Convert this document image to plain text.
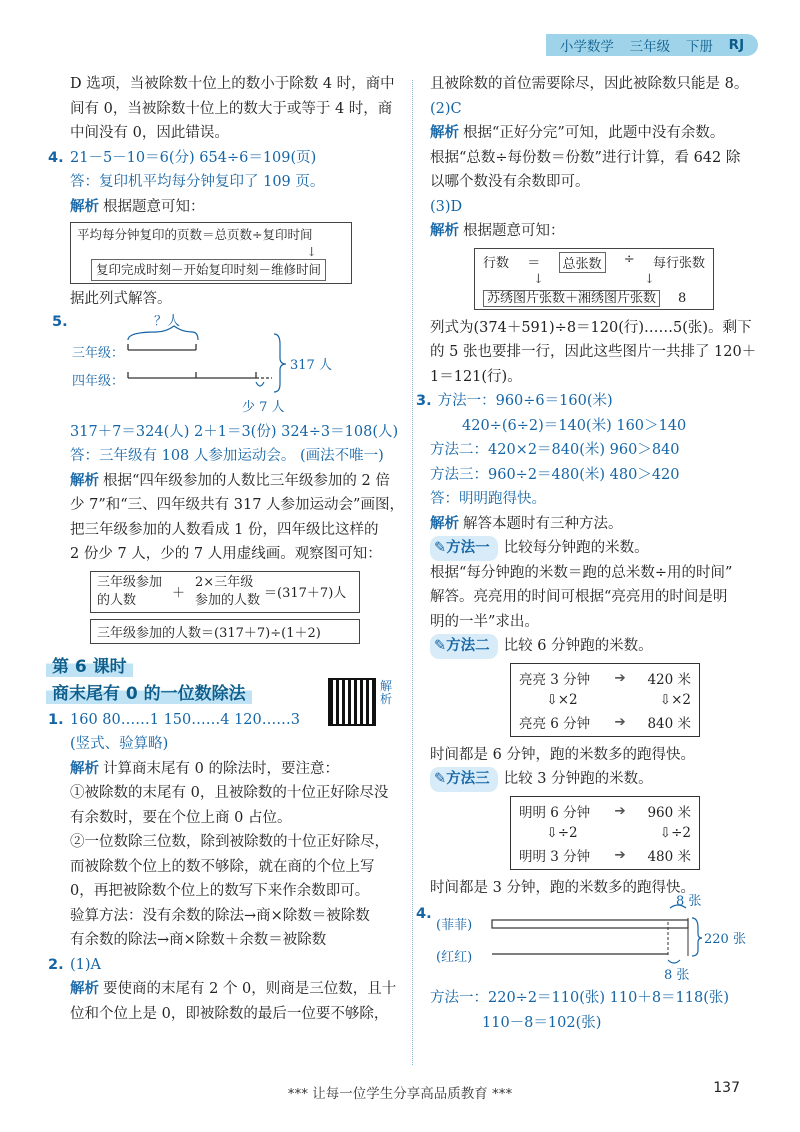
小学数学 三年级 下册 RJ

D 选项，当被除数十位上的数小于除数 4 时，商中

间有 0，当被除数十位上的数大于或等于 4 时，商

中间没有 0，因此错误。

4. 21－5－10＝6(分) 654÷6＝109(页)

答：复印机平均每分钟复印了 109 页。

解析 根据题意可知：

平均每分钟复印的页数＝总页数÷复印时间
↓
复印完成时刻－开始复印时刻－维修时间

据此列式解答。

5.	？人
三年级：
四年级：
317 人
少 7 人

317＋7＝324(人) 2＋1＝3(份) 324÷3＝108(人)

答：三年级有 108 人参加运动会。 (画法不唯一)

解析 根据“四年级参加的人数比三年级参加的 2 倍

少 7”和“三、四年级共有 317 人参加运动会”画图，

把三年级参加的人数看成 1 份，四年级比这样的

2 份少 7 人，少的 7 人用虚线画。观察图可知：

三年级参加
的人数	＋
2×三年级
参加的人数 ＝(317＋7)人
三年级参加的人数＝(317＋7)÷(1＋2)
第 6 课时
商末尾有 0 的一位数除法

1. 160 80……1 150……4 120……3

(竖式、验算略)

解析 计算商末尾有 0 的除法时，要注意：

①被除数的末尾有 0，且被除数的十位正好除尽没

有余数时，要在个位上商 0 占位。

②一位数除三位数，除到被除数的十位正好除尽，

而被除数个位上的数不够除，就在商的个位上写

0，再把被除数个位上的数写下来作余数即可。

验算方法：没有余数的除法→商×除数＝被除数

有余数的除法→商×除数＋余数＝被除数

2. (1)A

解析 要使商的末尾有 2 个 0，则商是三位数，且十

位和个位上是 0，即被除数的最后一位要不够除，

解析

且被除数的首位需要除尽，因此被除数只能是 8。

(2)C

解析 根据“正好分完”可知，此题中没有余数。

根据“总数÷每份数＝份数”进行计算，看 642 除

以哪个数没有余数即可。

(3)D

解析 根据题意可知：

行数 ＝	总张数	÷ 每行张数
↓	↓
苏绣图片张数＋湘绣图片张数 8

列式为(374＋591)÷8＝120(行)……5(张)。剩下

的 5 张也要排一行，因此这些图片一共排了 120＋

1＝121(行)。

3. 方法一：960÷6＝160(米)

420÷(6÷2)＝140(米) 160＞140

方法二：420×2＝840(米) 960＞840

方法三：960÷2＝480(米) 480＞420

答：明明跑得快。

解析 解答本题时有三种方法。

✎方法一 比较每分钟跑的米数。

根据“每分钟跑的米数＝跑的总米数÷用的时间”

解答。亮亮用的时间可根据“亮亮用的时间是明

明的一半”求出。

✎方法二 比较 6 分钟跑的米数。

亮亮 3 分钟	➔	420 米
⇩×2	⇩×2
亮亮 6 分钟	➔	840 米

时间都是 6 分钟，跑的米数多的跑得快。

✎方法三 比较 3 分钟跑的米数。

明明 6 分钟	➔	960 米
⇩÷2	⇩÷2
明明 3 分钟	➔	480 米

时间都是 3 分钟，跑的米数多的跑得快。

4.
(菲菲)
(红红)
8 张
8 张
220 张

方法一：220÷2＝110(张) 110＋8＝118(张)

110－8＝102(张)

*** 让每一位学生分享高品质教育 ***	137
